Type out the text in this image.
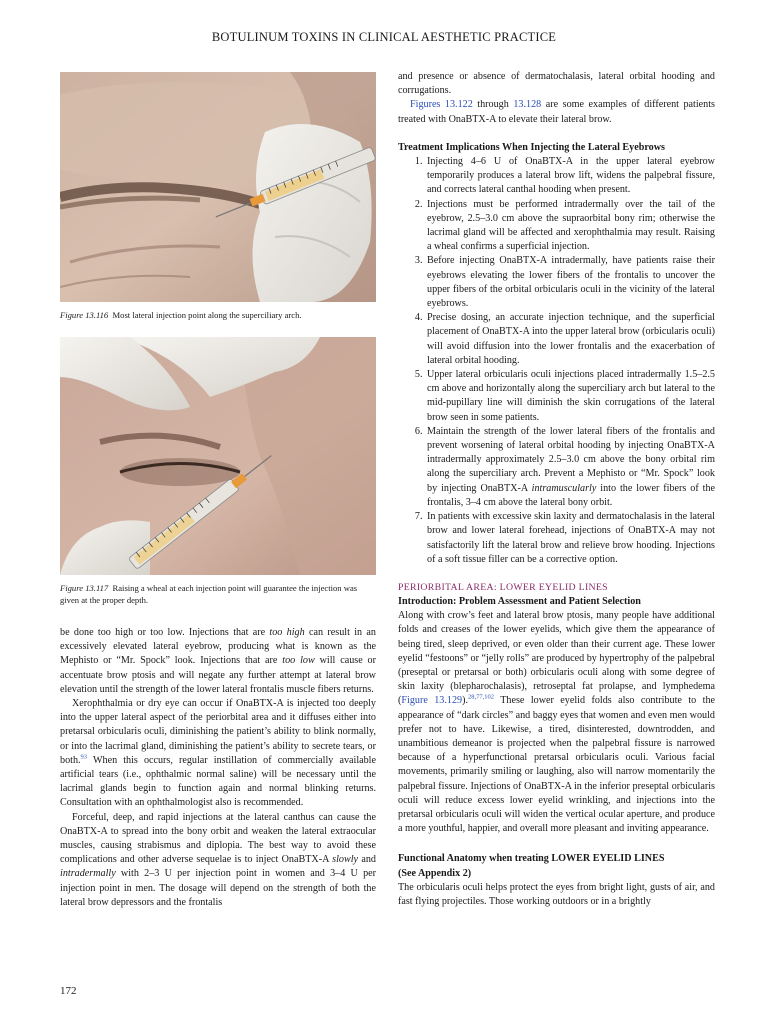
BOTULINUM TOXINS IN CLINICAL AESTHETIC PRACTICE

Figure 13.116 Most lateral injection point along the superciliary arch.

Figure 13.117 Raising a wheal at each injection point will guarantee the injection was given at the proper depth.

be done too high or too low. Injections that are too high can result in an excessively elevated lateral eyebrow, producing what is known as the Mephisto or “Mr. Spock” look. Injections that are too low will cause or accentuate brow ptosis and will negate any further attempt at lateral brow elevation until the strength of the lower lateral frontalis muscle fibers returns.

Xerophthalmia or dry eye can occur if OnaBTX-A is injected too deeply into the upper lateral aspect of the periorbital area and it diffuses either into pretarsal orbicularis oculi, diminishing the patient’s ability to blink normally, or into the lacrimal gland, diminishing the patient’s ability to secrete tears, or both.$^{93}$ When this occurs, regular instillation of commercially available artificial tears (i.e., ophthalmic normal saline) will be necessary until the lacrimal glands begin to function again and normal blinking returns. Consultation with an ophthalmologist also is recommended.

Forceful, deep, and rapid injections at the lateral canthus can cause the OnaBTX-A to spread into the bony orbit and weaken the lateral extraocular muscles, causing strabismus and diplopia. The best way to avoid these complications and other adverse sequelae is to inject OnaBTX-A slowly and intradermally with 2–3 U per injection point in women and 3–4 U per injection point in men. The dosage will depend on the strength of both the lateral brow depressors and the frontalis

and presence or absence of dermatochalasis, lateral orbital hooding and corrugations.

Figures 13.122 through 13.128 are some examples of different patients treated with OnaBTX-A to elevate their lateral brow.

Treatment Implications When Injecting the Lateral Eyebrows

1. Injecting 4–6 U of OnaBTX-A in the upper lateral eyebrow temporarily produces a lateral brow lift, widens the palpebral fissure, and corrects lateral canthal hooding when present.
2. Injections must be performed intradermally over the tail of the eyebrow, 2.5–3.0 cm above the supraorbital bony rim; otherwise the lacrimal gland will be affected and xerophthalmia may result. Raising a wheal confirms a superficial injection.
3. Before injecting OnaBTX-A intradermally, have patients raise their eyebrows elevating the lower fibers of the frontalis to uncover the upper fibers of the orbital orbicularis oculi in the vicinity of the lateral eyebrows.
4. Precise dosing, an accurate injection technique, and the superficial placement of OnaBTX-A into the upper lateral brow (orbicularis oculi) will avoid diffusion into the lower frontalis and the exacerbation of lateral orbital hooding.
5. Upper lateral orbicularis oculi injections placed intradermally 1.5–2.5 cm above and horizontally along the superciliary arch but lateral to the mid-pupillary line will diminish the skin corrugations of the lateral brow seen in some patients.
6. Maintain the strength of the lower lateral fibers of the frontalis and prevent worsening of lateral orbital hooding by injecting OnaBTX-A intradermally approximately 2.5–3.0 cm above the bony orbital rim along the superciliary arch. Prevent a Mephisto or “Mr. Spock” look by injecting OnaBTX-A intramuscularly into the lower fibers of the frontalis, 3–4 cm above the lateral bony orbit.
7. In patients with excessive skin laxity and dermatochalasis in the lateral brow and lower lateral forehead, injections of OnaBTX-A may not satisfactorily lift the lateral brow and relieve brow hooding. Injections of a soft tissue filler can be a corrective option.

PERIORBITAL AREA: LOWER EYELID LINES

Introduction: Problem Assessment and Patient Selection

Along with crow’s feet and lateral brow ptosis, many people have additional folds and creases of the lower eyelids, which give them the appearance of being tired, sleep deprived, or even older than their current age. These lower eyelid “festoons” or “jelly rolls” are produced by hypertrophy of the palpebral (preseptal or pretarsal or both) orbicularis oculi along with some degree of skin laxity (blepharochalasis), retroseptal fat prolapse, and lymphedema (Figure 13.129).$^{28,77,102}$ These lower eyelid folds also contribute to the appearance of “dark circles” and baggy eyes that women and even men would prefer not to have. Likewise, a tired, disinterested, downtrodden, and unambitious demeanor is projected when the palpebral fissure is narrowed because of a hyperfunctional pretarsal orbicularis oculi. Various facial movements, primarily smiling or laughing, also will narrow momentarily the palpebral fissure. Injections of OnaBTX-A in the inferior preseptal orbicularis oculi will reduce excess lower eyelid wrinkling, and injections into the pretarsal orbicularis oculi will widen the vertical ocular aperture, and produce a more youthful, happier, and overall more pleasant and inviting appearance.

Functional Anatomy when treating LOWER EYELID LINES

(See Appendix 2)

The orbicularis oculi helps protect the eyes from bright light, gusts of air, and fast flying projectiles. Those working outdoors or in a brightly

172
